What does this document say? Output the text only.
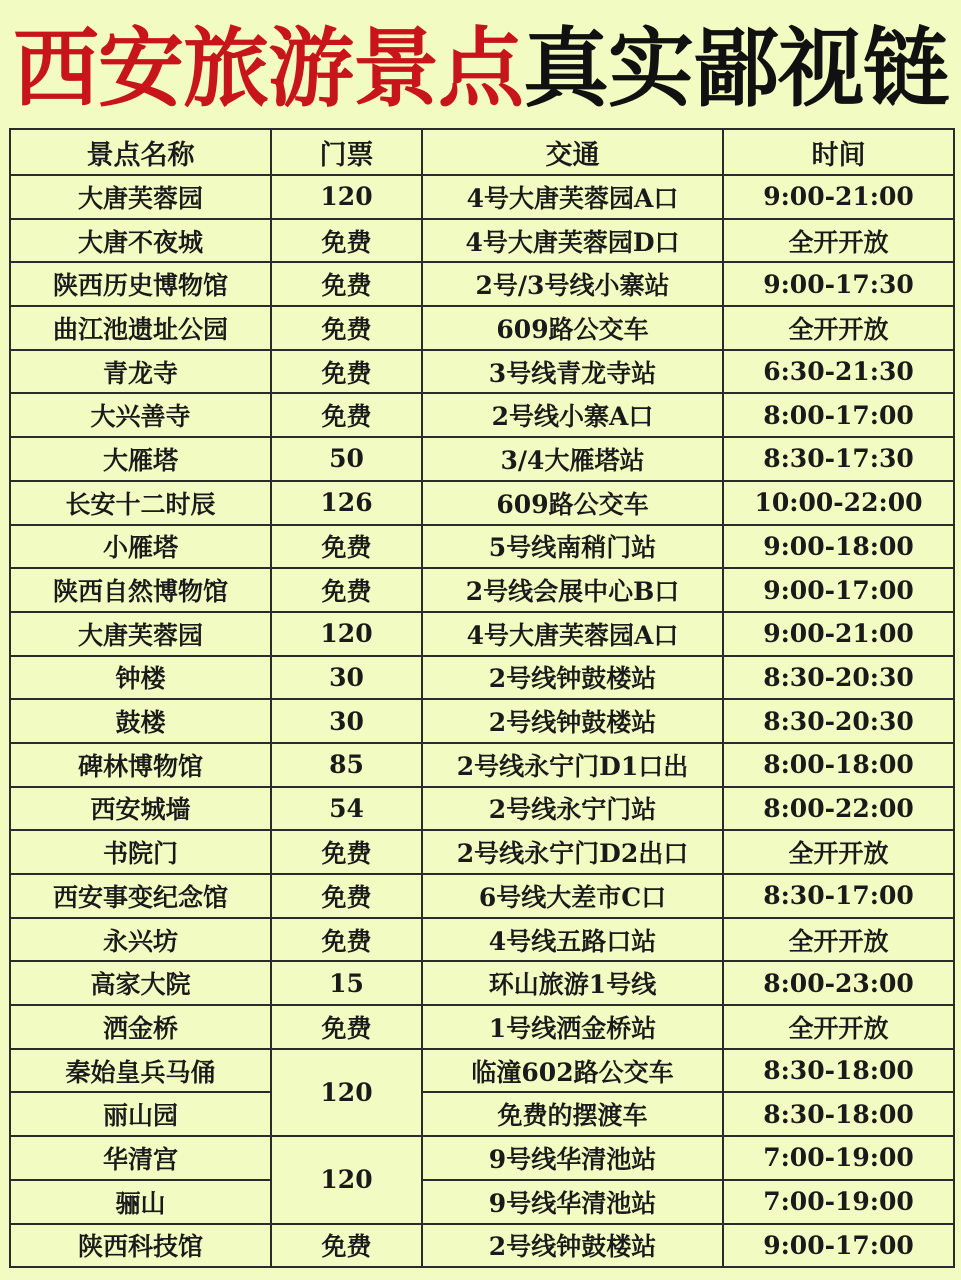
西安旅游景点真实鄙视链
景点名称	门票	交通	时间
大唐芙蓉园	120	4号大唐芙蓉园A口	9:00-21:00
大唐不夜城	免费	4号大唐芙蓉园D口	全开开放
陕西历史博物馆	免费	2号/3号线小寨站	9:00-17:30
曲江池遗址公园	免费	609路公交车	全开开放
青龙寺	免费	3号线青龙寺站	6:30-21:30
大兴善寺	免费	2号线小寨A口	8:00-17:00
大雁塔	50	3/4大雁塔站	8:30-17:30
长安十二时辰	126	609路公交车	10:00-22:00
小雁塔	免费	5号线南稍门站	9:00-18:00
陕西自然博物馆	免费	2号线会展中心B口	9:00-17:00
大唐芙蓉园	120	4号大唐芙蓉园A口	9:00-21:00
钟楼	30	2号线钟鼓楼站	8:30-20:30
鼓楼	30	2号线钟鼓楼站	8:30-20:30
碑林博物馆	85	2号线永宁门D1口出	8:00-18:00
西安城墙	54	2号线永宁门站	8:00-22:00
书院门	免费	2号线永宁门D2出口	全开开放
西安事变纪念馆	免费	6号线大差市C口	8:30-17:00
永兴坊	免费	4号线五路口站	全开开放
高家大院	15	环山旅游1号线	8:00-23:00
洒金桥	免费	1号线洒金桥站	全开开放
秦始皇兵马俑	120	临潼602路公交车	8:30-18:00
丽山园		免费的摆渡车	8:30-18:00
华清宫	120	9号线华清池站	7:00-19:00
骊山		9号线华清池站	7:00-19:00
陕西科技馆	免费	2号线钟鼓楼站	9:00-17:00
